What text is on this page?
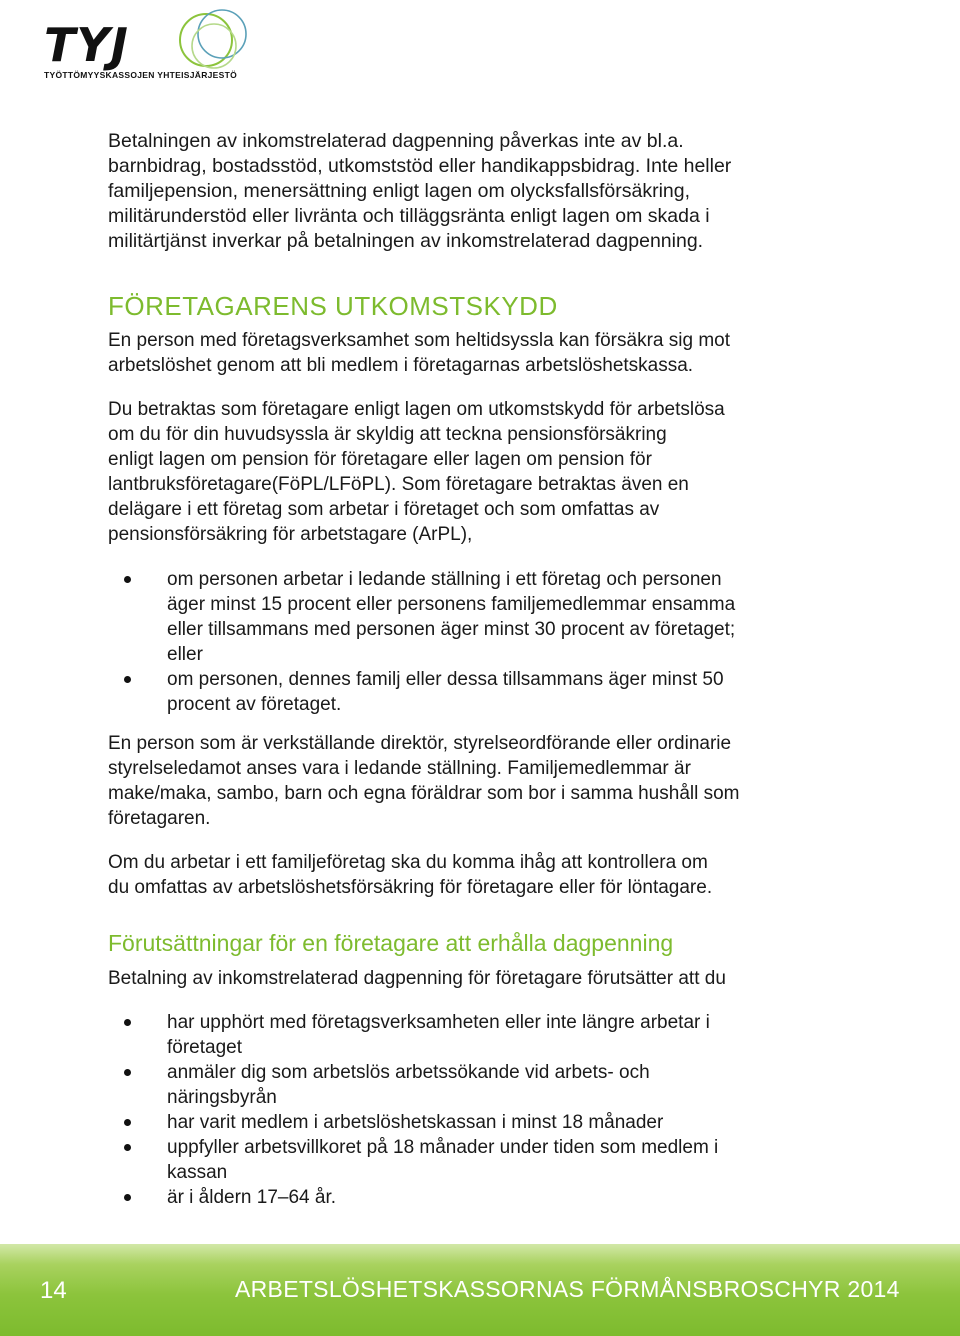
TYJ
TYÖTTÖMYYSKASSOJEN YHTEISJÄRJESTÖ
Betalningen av inkomstrelaterad dagpenning påverkas inte av bl.a.
barnbidrag, bostadsstöd, utkomststöd eller handikappsbidrag. Inte heller
familjepension, menersättning enligt lagen om olycksfallsförsäkring,
militärunderstöd eller livränta och tilläggsränta enligt lagen om skada i
militärtjänst inverkar på betalningen av inkomstrelaterad dagpenning.
FÖRETAGARENS UTKOMSTSKYDD
En person med företagsverksamhet som heltidsyssla kan försäkra sig mot
arbetslöshet genom att bli medlem i företagarnas arbetslöshetskassa.
Du betraktas som företagare enligt lagen om utkomstskydd för arbetslösa
om du för din huvudsyssla är skyldig att teckna pensionsförsäkring
enligt lagen om pension för företagare eller lagen om pension för
lantbruksföretagare(FöPL/LFöPL). Som företagare betraktas även en
delägare i ett företag som arbetar i företaget och som omfattas av
pensionsförsäkring för arbetstagare (ArPL),
om personen arbetar i ledande ställning i ett företag och personen
äger minst 15 procent eller personens familjemedlemmar ensamma
eller tillsammans med personen äger minst 30 procent av företaget;
eller
om personen, dennes familj eller dessa tillsammans äger minst 50
procent av företaget.
En person som är verkställande direktör, styrelseordförande eller ordinarie
styrelseledamot anses vara i ledande ställning. Familjemedlemmar är
make/maka, sambo, barn och egna föräldrar som bor i samma hushåll som
företagaren.
Om du arbetar i ett familjeföretag ska du komma ihåg att kontrollera om
du omfattas av arbetslöshetsförsäkring för företagare eller för löntagare.
Förutsättningar för en företagare att erhålla dagpenning
Betalning av inkomstrelaterad dagpenning för företagare förutsätter att du
har upphört med företagsverksamheten eller inte längre arbetar i
företaget
anmäler dig som arbetslös arbetssökande vid arbets- och
näringsbyrån
har varit medlem i arbetslöshetskassan i minst 18 månader
uppfyller arbetsvillkoret på 18 månader under tiden som medlem i
kassan
är i åldern 17–64 år.
14	ARBETSLÖSHETSKASSORNAS FÖRMÅNSBROSCHYR 2014
